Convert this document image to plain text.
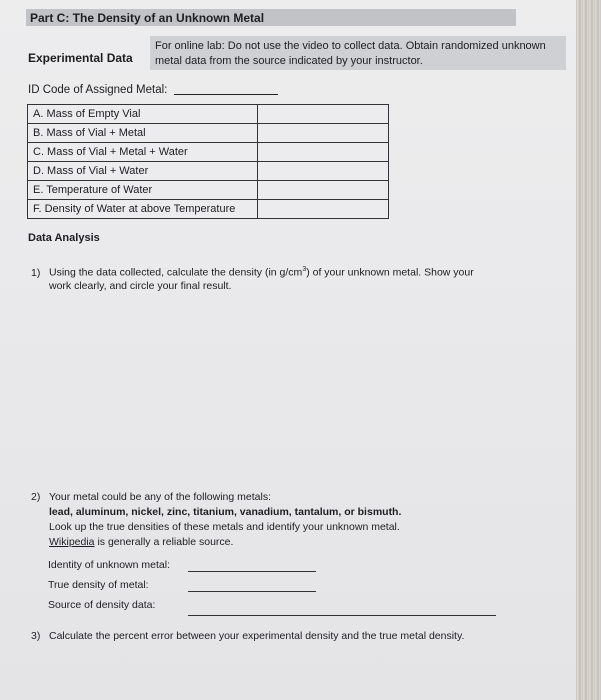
Part C: The Density of an Unknown Metal
Experimental Data
For online lab: Do not use the video to collect data. Obtain randomized unknown
metal data from the source indicated by your instructor.
ID Code of Assigned Metal:
A. Mass of Empty Vial	
B. Mass of Vial + Metal	
C. Mass of Vial + Metal + Water	
D. Mass of Vial + Water	
E. Temperature of Water	
F. Density of Water at above Temperature	
Data Analysis
1) Using the data collected, calculate the density (in $g/cm^3$) of your unknown metal. Show your
work clearly, and circle your final result.
2) Your metal could be any of the following metals:
lead, aluminum, nickel, zinc, titanium, vanadium, tantalum, or bismuth.
Look up the true densities of these metals and identify your unknown metal.
Wikipedia is generally a reliable source.
Identity of unknown metal:
True density of metal:
Source of density data:
3) Calculate the percent error between your experimental density and the true metal density.
